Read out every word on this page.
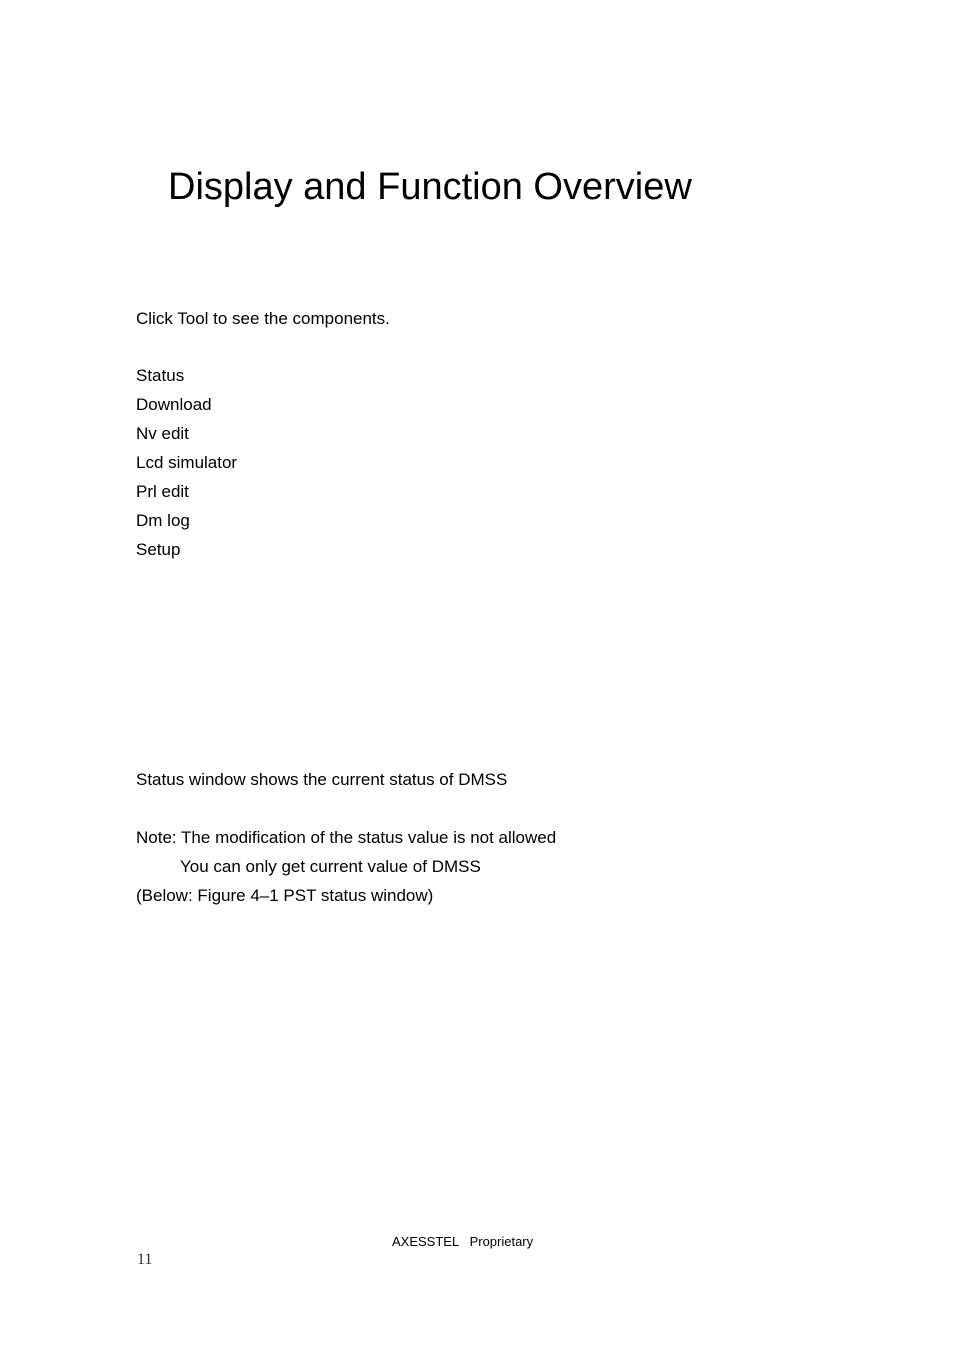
Display and Function Overview

Click Tool to see the components.

Status
Download
Nv edit
Lcd simulator
Prl edit
Dm log
Setup

Status window shows the current status of DMSS

Note: The modification of the status value is not allowed

You can only get current value of DMSS

(Below: Figure 4–1 PST status window)

AXESSTEL Proprietary
11
